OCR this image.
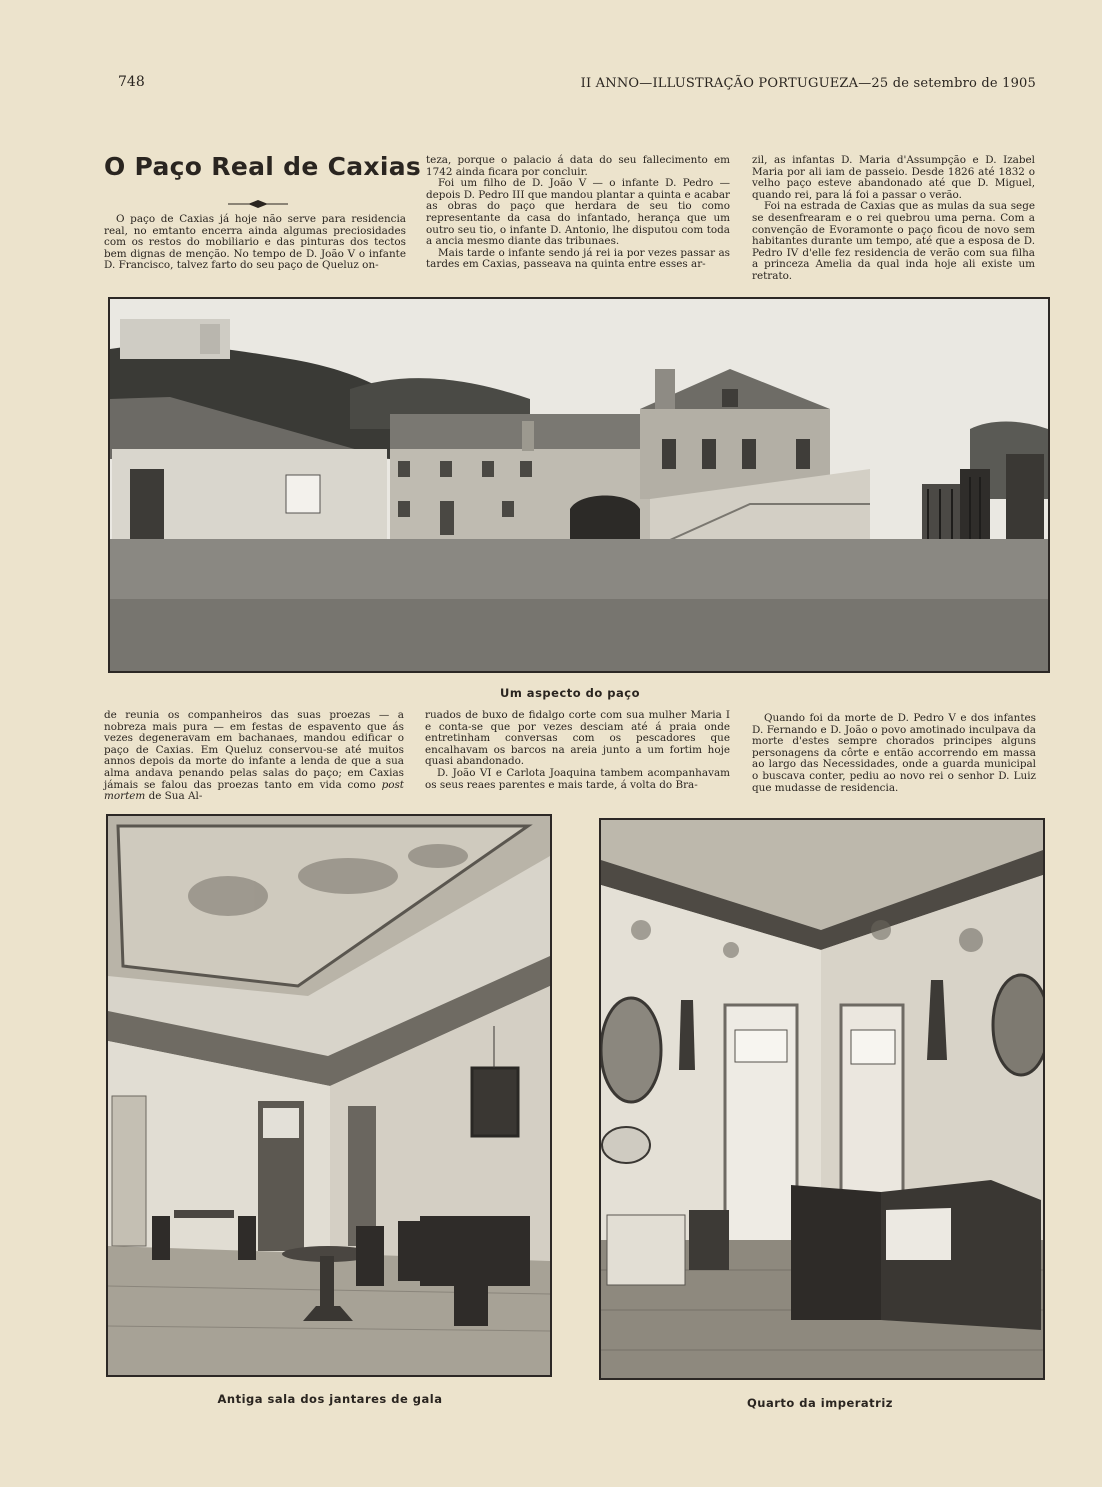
748	II ANNO—ILLUSTRAÇÃO PORTUGUEZA—25 de setembro de 1905
O Paço Real de Caxias

O paço de Caxias já hoje não serve para residencia real, no emtanto encerra ainda algumas preciosidades com os restos do mobiliario e das pinturas dos tectos bem dignas de menção. No tempo de D. João V o infante D. Francisco, talvez farto do seu paço de Queluz on-

teza, porque o palacio á data do seu fallecimento em 1742 ainda ficara por concluir.

Foi um filho de D. João V — o infante D. Pedro — depois D. Pedro III que mandou plantar a quinta e acabar as obras do paço que herdara de seu tio como representante da casa do infantado, herança que um outro seu tio, o infante D. Antonio, lhe disputou com toda a ancia mesmo diante das tribunaes.

Mais tarde o infante sendo já rei ia por vezes passar as tardes em Caxias, passeava na quinta entre esses ar-

zil, as infantas D. Maria d'Assumpção e D. Izabel Maria por ali iam de passeio. Desde 1826 até 1832 o velho paço esteve abandonado até que D. Miguel, quando rei, para lá foi a passar o verão.

Foi na estrada de Caxias que as mulas da sua sege se desenfrearam e o rei quebrou uma perna. Com a convenção de Evoramonte o paço ficou de novo sem habitantes durante um tempo, até que a esposa de D. Pedro IV d'elle fez residencia de verão com sua filha a princeza Amelia da qual inda hoje ali existe um retrato.

Um aspecto do paço

de reunia os companheiros das suas proezas — a nobreza mais pura — em festas de espavento que ás vezes degeneravam em bachanaes, mandou edificar o paço de Caxias. Em Queluz conservou-se até muitos annos depois da morte do infante a lenda de que a sua alma andava penando pelas salas do paço; em Caxias jámais se falou das proezas tanto em vida como post mortem de Sua Al-

ruados de buxo de fidalgo corte com sua mulher Maria I e conta-se que por vezes desciam até á praia onde entretinham conversas com os pescadores que encalhavam os barcos na areia junto a um fortim hoje quasi abandonado.

D. João VI e Carlota Joaquina tambem acompanhavam os seus reaes parentes e mais tarde, á volta do Bra-

Quando foi da morte de D. Pedro V e dos infantes D. Fernando e D. João o povo amotinado inculpava da morte d'estes sempre chorados principes alguns personagens da côrte e então accorrendo em massa ao largo das Necessidades, onde a guarda municipal o buscava conter, pediu ao novo rei o senhor D. Luiz que mudasse de residencia.

Antiga sala dos jantares de gala	Quarto da imperatriz
